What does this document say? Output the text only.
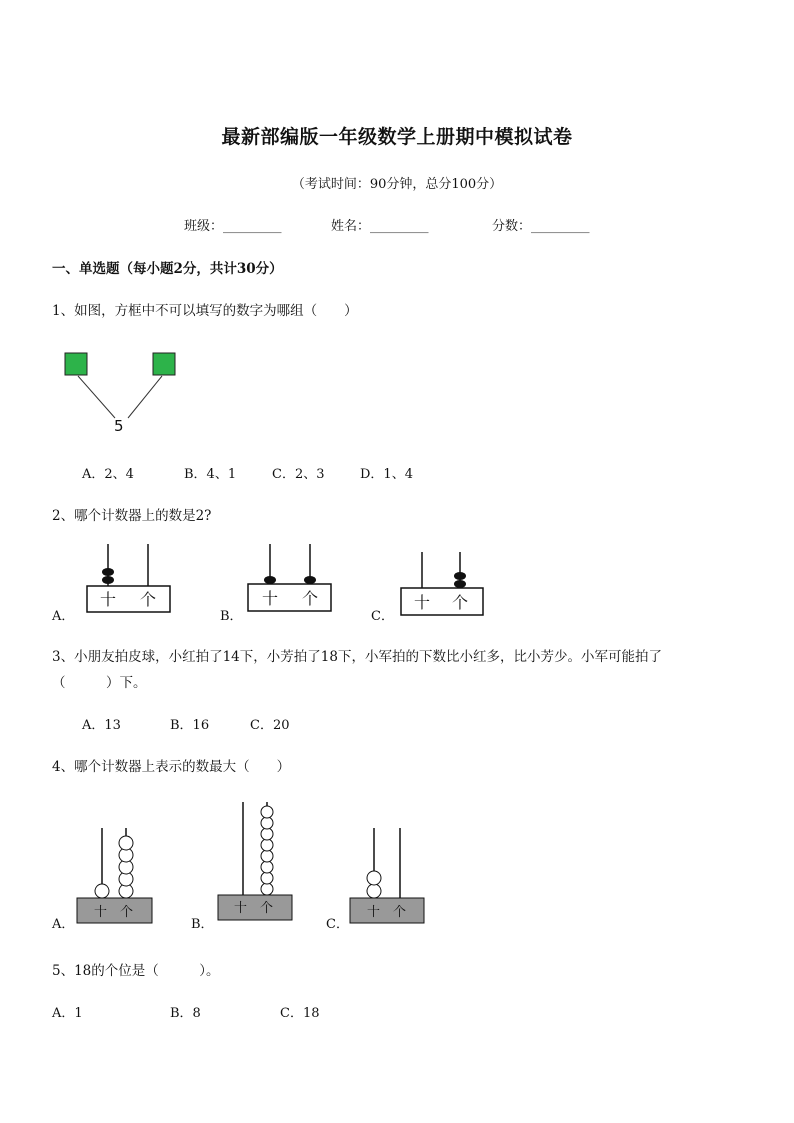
最新部编版一年级数学上册期中模拟试卷
（考试时间：90分钟，总分100分）
班级：_________	姓名：_________	分数：_________
一、单选题（每小题2分，共计30分）
1、如图，方框中不可以填写的数字为哪组（　　）
5
A．2、4	B．4、1	C．2、3	D．1、4
2、哪个计数器上的数是2?
A．
十 个
B．
十 个
C．
十 个
3、小朋友拍皮球，小红拍了14下，小芳拍了18下，小军拍的下数比小红多，比小芳少。小军可能拍了
（　　　）下。
A．13	B．16	C．20
4、哪个计数器上表示的数最大（　　）
A．
十 个
B．
十 个
C．
十 个
5、18的个位是（　　　）。
A．1	B．8	C．18
